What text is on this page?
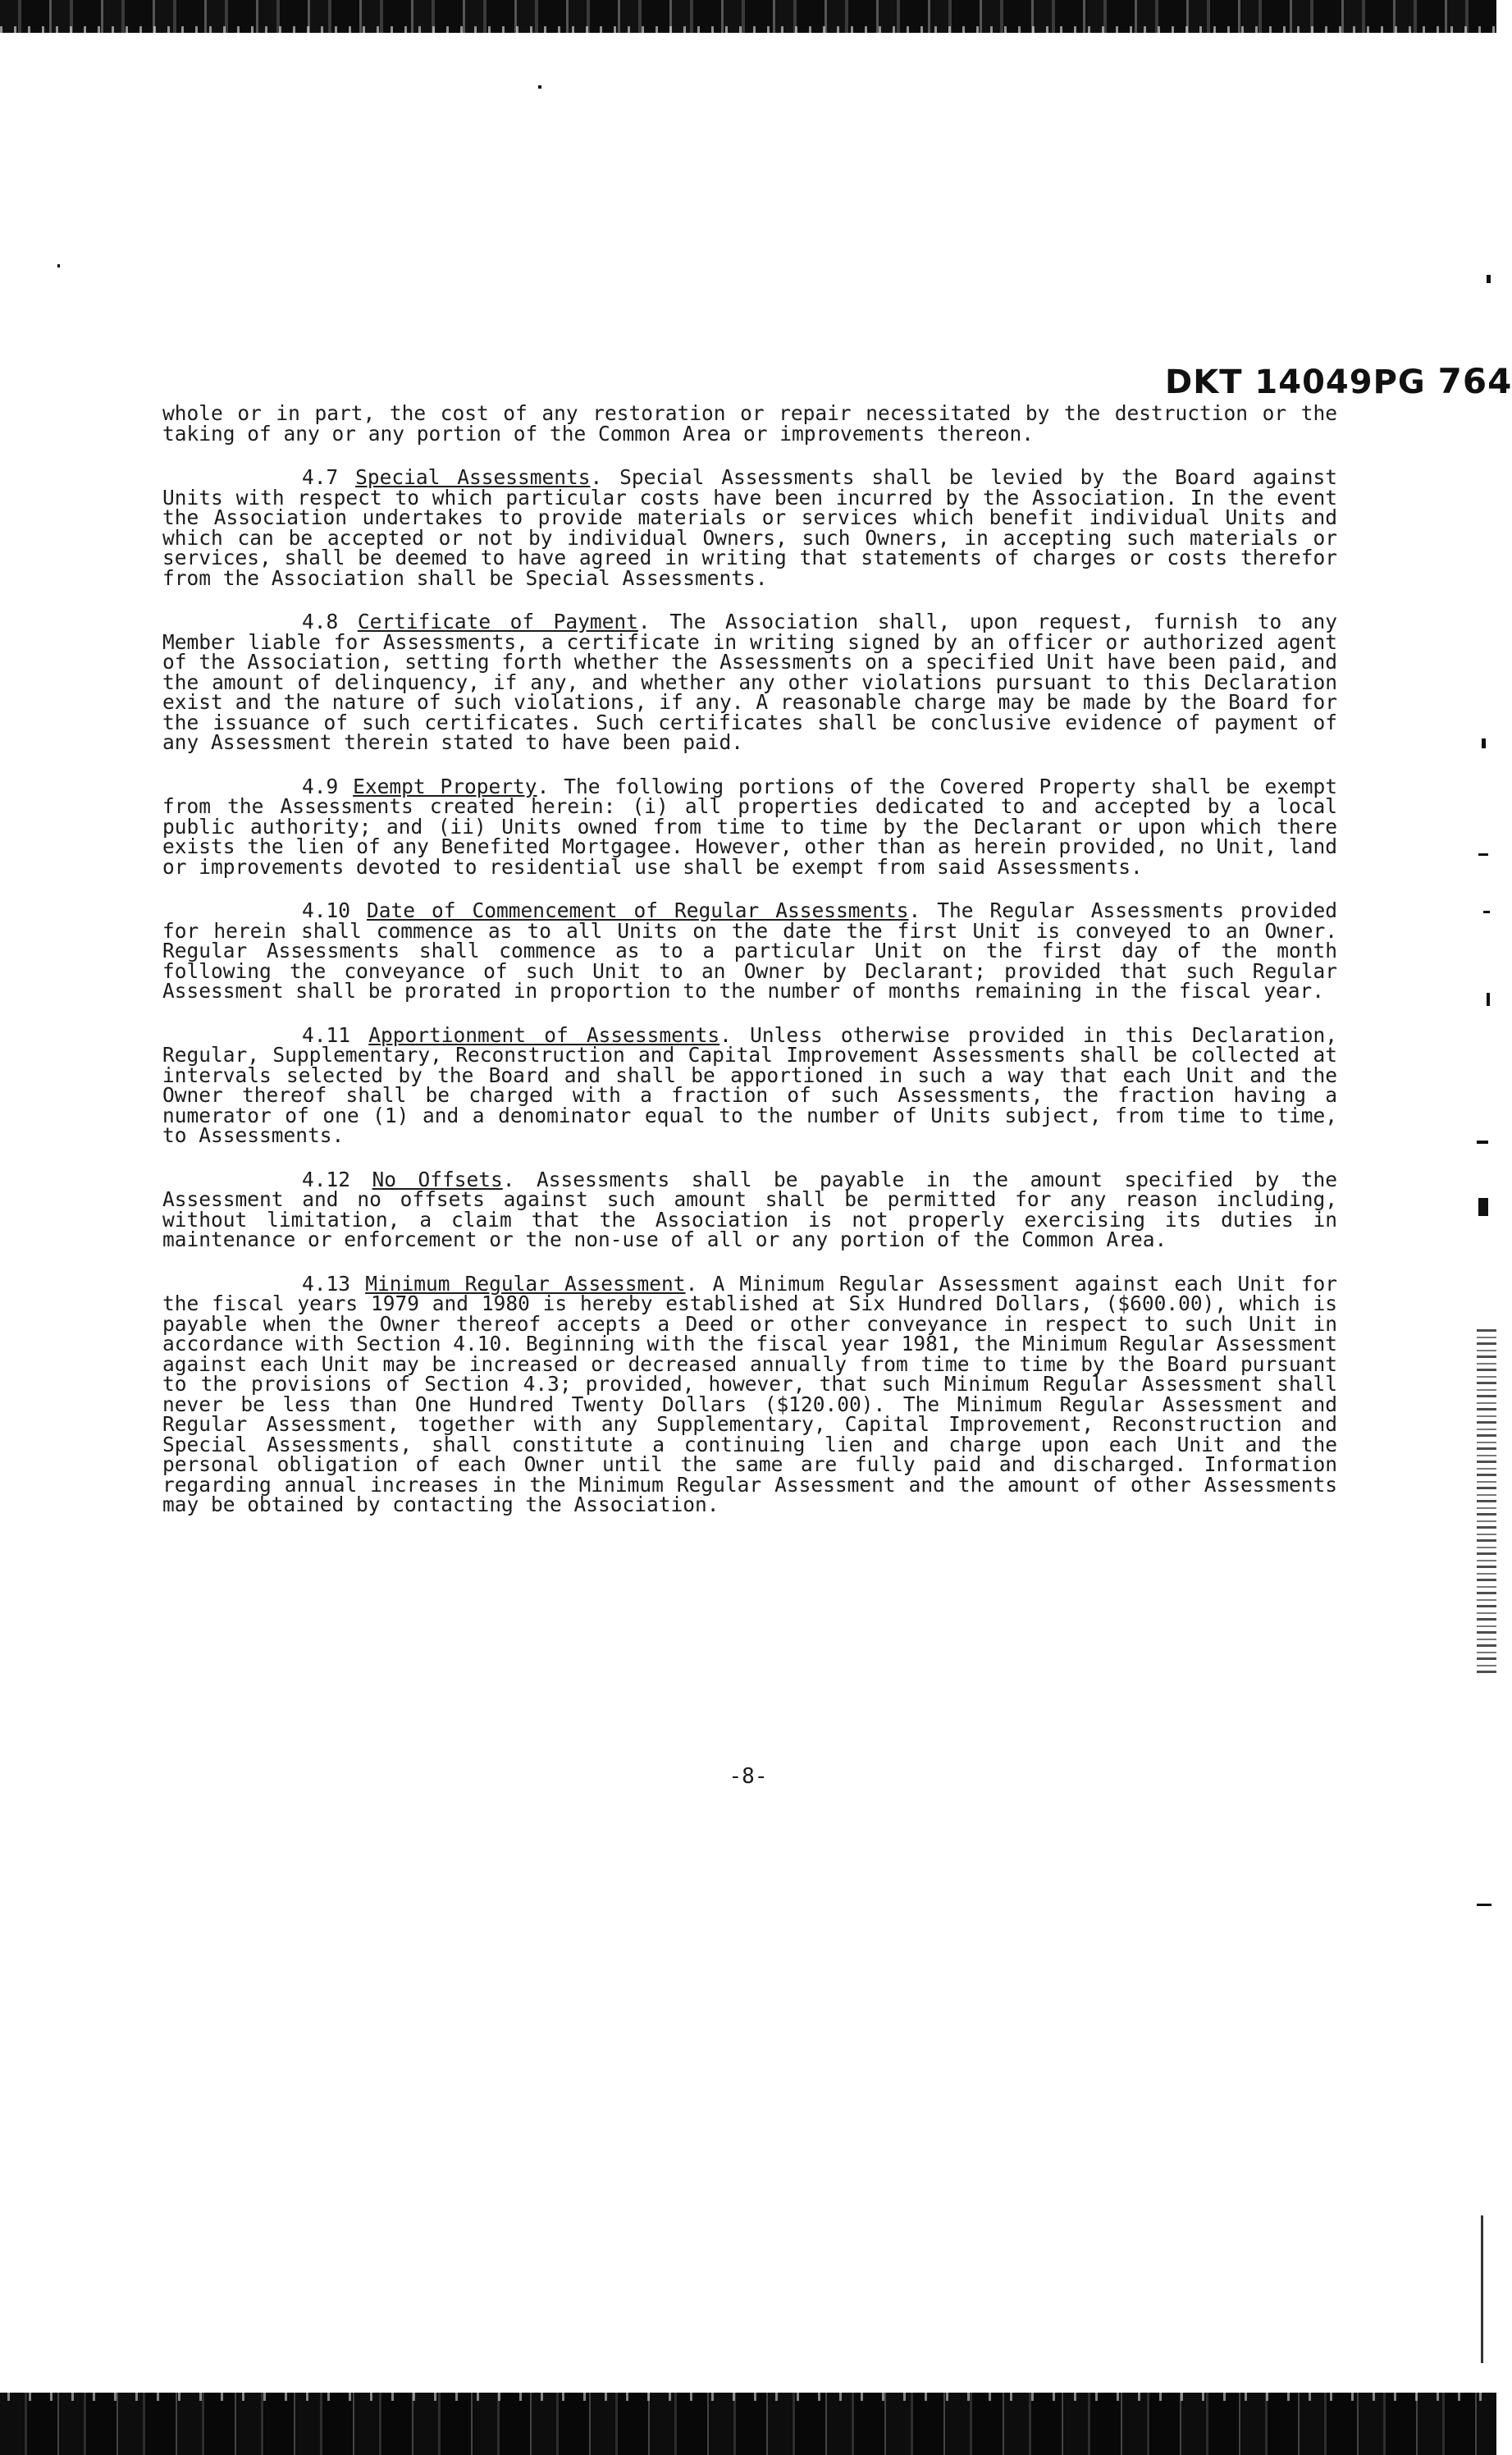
DKT 14049PG 764

whole or in part, the cost of any restoration or repair necessitated by the destruction or the taking of any or any portion of the Common Area or improvements thereon.

4.7 Special Assessments. Special Assessments shall be levied by the Board against Units with respect to which particular costs have been incurred by the Association. In the event the Association undertakes to provide materials or services which benefit individual Units and which can be accepted or not by individual Owners, such Owners, in accepting such materials or services, shall be deemed to have agreed in writing that statements of charges or costs therefor from the Association shall be Special Assessments.

4.8 Certificate of Payment. The Association shall, upon request, furnish to any Member liable for Assessments, a certificate in writing signed by an officer or authorized agent of the Association, setting forth whether the Assessments on a specified Unit have been paid, and the amount of delinquency, if any, and whether any other violations pursuant to this Declaration exist and the nature of such violations, if any. A reasonable charge may be made by the Board for the issuance of such certificates. Such certificates shall be conclusive evidence of payment of any Assessment therein stated to have been paid.

4.9 Exempt Property. The following portions of the Covered Property shall be exempt from the Assessments created herein: (i) all properties dedicated to and accepted by a local public authority; and (ii) Units owned from time to time by the Declarant or upon which there exists the lien of any Benefited Mortgagee. However, other than as herein provided, no Unit, land or improvements devoted to residential use shall be exempt from said Assessments.

4.10 Date of Commencement of Regular Assessments. The Regular Assessments provided for herein shall commence as to all Units on the date the first Unit is conveyed to an Owner. Regular Assessments shall commence as to a particular Unit on the first day of the month following the conveyance of such Unit to an Owner by Declarant; provided that such Regular Assessment shall be prorated in proportion to the number of months remaining in the fiscal year.

4.11 Apportionment of Assessments. Unless otherwise provided in this Declaration, Regular, Supplementary, Reconstruction and Capital Improvement Assessments shall be collected at intervals selected by the Board and shall be apportioned in such a way that each Unit and the Owner thereof shall be charged with a fraction of such Assessments, the fraction having a numerator of one (1) and a denominator equal to the number of Units subject, from time to time, to Assessments.

4.12 No Offsets. Assessments shall be payable in the amount specified by the Assessment and no offsets against such amount shall be permitted for any reason including, without limitation, a claim that the Association is not properly exercising its duties in maintenance or enforcement or the non-use of all or any portion of the Common Area.

4.13 Minimum Regular Assessment. A Minimum Regular Assessment against each Unit for the fiscal years 1979 and 1980 is hereby established at Six Hundred Dollars, ($600.00), which is payable when the Owner thereof accepts a Deed or other conveyance in respect to such Unit in accordance with Section 4.10. Beginning with the fiscal year 1981, the Minimum Regular Assessment against each Unit may be increased or decreased annually from time to time by the Board pursuant to the provisions of Section 4.3; provided, however, that such Minimum Regular Assessment shall never be less than One Hundred Twenty Dollars ($120.00). The Minimum Regular Assessment and Regular Assessment, together with any Supplementary, Capital Improvement, Reconstruction and Special Assessments, shall constitute a continuing lien and charge upon each Unit and the personal obligation of each Owner until the same are fully paid and discharged. Information regarding annual increases in the Minimum Regular Assessment and the amount of other Assessments may be obtained by contacting the Association.

-8-
